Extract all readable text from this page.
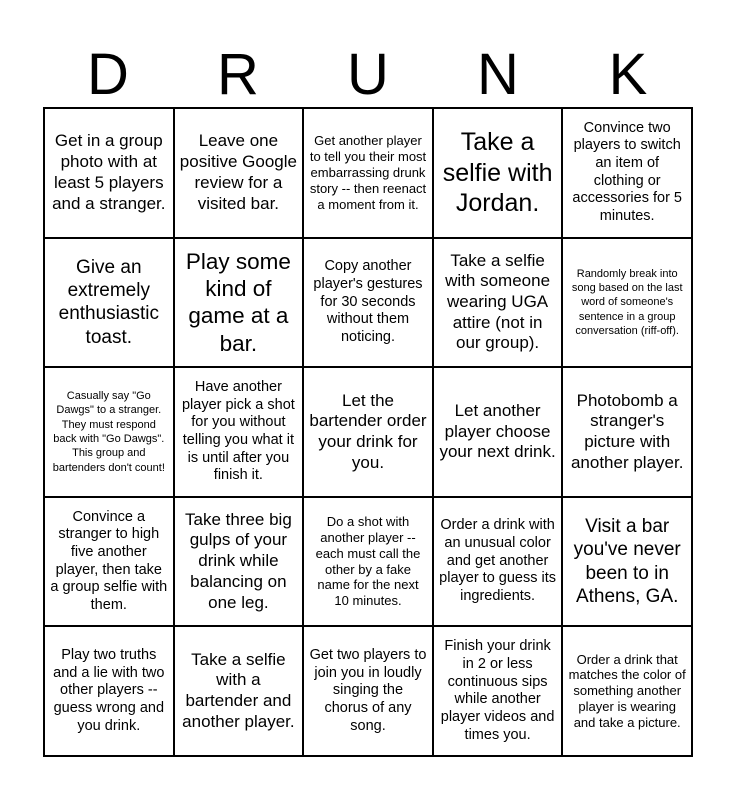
D	R	U	N	K
Get in a group photo with at least 5 players and a stranger.
Leave one positive Google review for a visited bar.
Get another player to tell you their most embarrassing drunk story -- then reenact a moment from it.
Take a selfie with Jordan.
Convince two players to switch an item of clothing or accessories for 5 minutes.
Give an extremely enthusiastic toast.
Play some kind of game at a bar.
Copy another player's gestures for 30 seconds without them noticing.
Take a selfie with someone wearing UGA attire (not in our group).
Randomly break into song based on the last word of someone's sentence in a group conversation (riff-off).
Casually say "Go Dawgs" to a stranger. They must respond back with "Go Dawgs". This group and bartenders don't count!
Have another player pick a shot for you without telling you what it is until after you finish it.
Let the bartender order your drink for you.
Let another player choose your next drink.
Photobomb a stranger's picture with another player.
Convince a stranger to high five another player, then take a group selfie with them.
Take three big gulps of your drink while balancing on one leg.
Do a shot with another player -- each must call the other by a fake name for the next 10 minutes.
Order a drink with an unusual color and get another player to guess its ingredients.
Visit a bar you've never been to in Athens, GA.
Play two truths and a lie with two other players -- guess wrong and you drink.
Take a selfie with a bartender and another player.
Get two players to join you in loudly singing the chorus of any song.
Finish your drink in 2 or less continuous sips while another player videos and times you.
Order a drink that matches the color of something another player is wearing and take a picture.
